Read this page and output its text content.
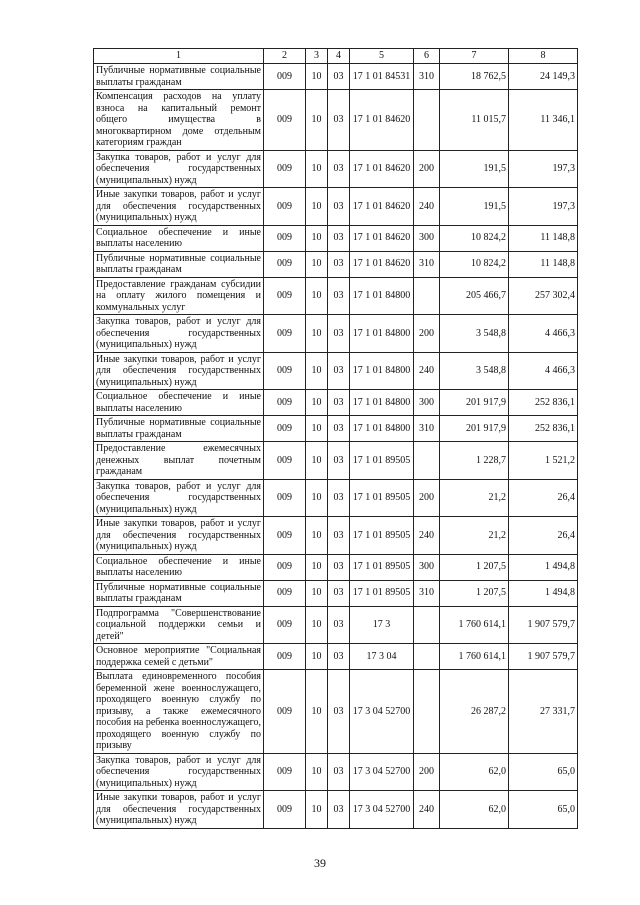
1	2	3	4	5	6	7	8
Публичные нормативные социальные выплаты гражданам	009	10	03	17 1 01 84531	310	18 762,5	24 149,3
Компенсация расходов на уплату взноса на капитальный ремонт общего имущества в многоквартирном доме отдельным категориям граждан	009	10	03	17 1 01 84620		11 015,7	11 346,1
Закупка товаров, работ и услуг для обеспечения государственных (муниципальных) нужд	009	10	03	17 1 01 84620	200	191,5	197,3
Иные закупки товаров, работ и услуг для обеспечения государственных (муниципальных) нужд	009	10	03	17 1 01 84620	240	191,5	197,3
Социальное обеспечение и иные выплаты населению	009	10	03	17 1 01 84620	300	10 824,2	11 148,8
Публичные нормативные социальные выплаты гражданам	009	10	03	17 1 01 84620	310	10 824,2	11 148,8
Предоставление гражданам субсидии на оплату жилого помещения и коммунальных услуг	009	10	03	17 1 01 84800		205 466,7	257 302,4
Закупка товаров, работ и услуг для обеспечения государственных (муниципальных) нужд	009	10	03	17 1 01 84800	200	3 548,8	4 466,3
Иные закупки товаров, работ и услуг для обеспечения государственных (муниципальных) нужд	009	10	03	17 1 01 84800	240	3 548,8	4 466,3
Социальное обеспечение и иные выплаты населению	009	10	03	17 1 01 84800	300	201 917,9	252 836,1
Публичные нормативные социальные выплаты гражданам	009	10	03	17 1 01 84800	310	201 917,9	252 836,1
Предоставление ежемесячных денежных выплат почетным гражданам	009	10	03	17 1 01 89505		1 228,7	1 521,2
Закупка товаров, работ и услуг для обеспечения государственных (муниципальных) нужд	009	10	03	17 1 01 89505	200	21,2	26,4
Иные закупки товаров, работ и услуг для обеспечения государственных (муниципальных) нужд	009	10	03	17 1 01 89505	240	21,2	26,4
Социальное обеспечение и иные выплаты населению	009	10	03	17 1 01 89505	300	1 207,5	1 494,8
Публичные нормативные социальные выплаты гражданам	009	10	03	17 1 01 89505	310	1 207,5	1 494,8
Подпрограмма "Совершенствование социальной поддержки семьи и детей"	009	10	03	17 3		1 760 614,1	1 907 579,7
Основное мероприятие "Социальная поддержка семей с детьми"	009	10	03	17 3 04		1 760 614,1	1 907 579,7
Выплата единовременного пособия беременной жене военнослужащего, проходящего военную службу по призыву, а также ежемесячного пособия на ребенка военнослужащего, проходящего военную службу по призыву	009	10	03	17 3 04 52700		26 287,2	27 331,7
Закупка товаров, работ и услуг для обеспечения государственных (муниципальных) нужд	009	10	03	17 3 04 52700	200	62,0	65,0
Иные закупки товаров, работ и услуг для обеспечения государственных (муниципальных) нужд	009	10	03	17 3 04 52700	240	62,0	65,0
39
